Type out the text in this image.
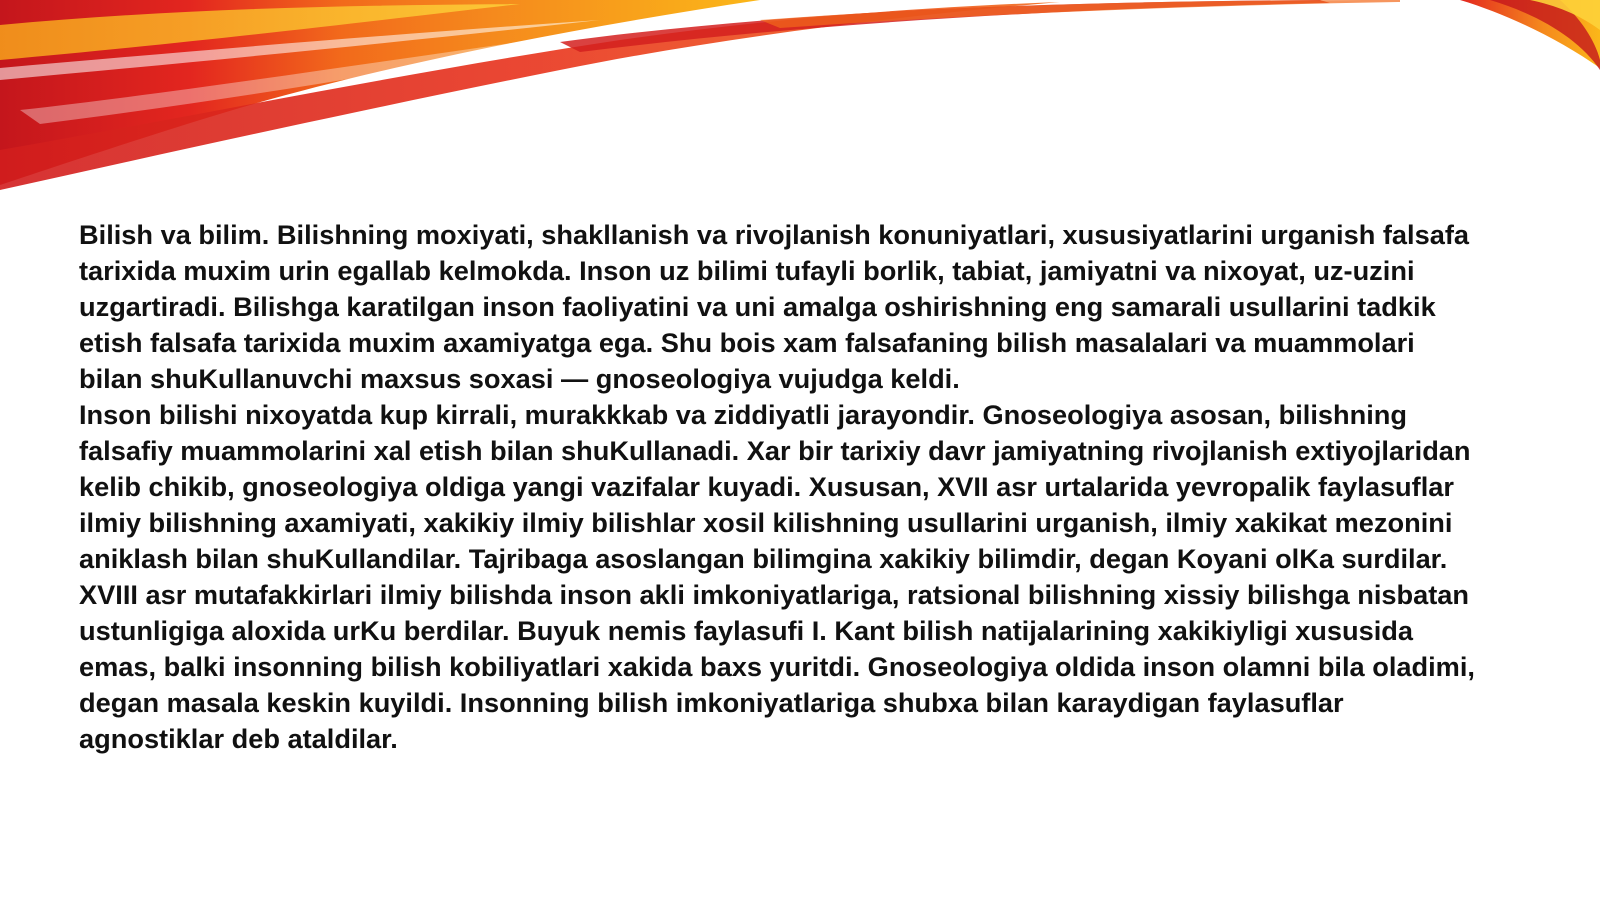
Bilish va bilim. Bilishning moxiyati, shakllanish va rivojlanish konuniyatlari, xususiyatlarini urganish falsafa tarixida muxim urin egallab kelmokda. Inson uz bilimi tufayli borlik, tabiat, jamiyatni va nixoyat, uz-uzini uzgartiradi. Bilishga karatilgan inson faoliyatini va uni amalga oshirishning eng samarali usullarini tadkik etish falsafa tarixida muxim axamiyatga ega. Shu bois xam falsafaning bilish masalalari va muammolari bilan shuKullanuvchi maxsus soxasi — gnoseologiya vujudga keldi.

Inson bilishi nixoyatda kup kirrali, murakkkab va ziddiyatli jarayondir. Gnoseologiya asosan, bilishning falsafiy muammolarini xal etish bilan shuKullanadi. Xar bir tarixiy davr jamiyatning rivojlanish extiyojlaridan kelib chikib, gnoseologiya oldiga yangi vazifalar kuyadi. Xususan, XVII asr urtalarida yevropalik faylasuflar ilmiy bilishning axamiyati, xakikiy ilmiy bilishlar xosil kilishning usullarini urganish, ilmiy xakikat mezonini aniklash bilan shuKullandilar. Tajribaga asoslangan bilimgina xakikiy bilimdir, degan Koyani olKa surdilar.

XVIII asr mutafakkirlari ilmiy bilishda inson akli imkoniyatlariga, ratsional bilishning xissiy bilishga nisbatan ustunligiga aloxida urKu berdilar. Buyuk nemis faylasufi I. Kant bilish natijalarining xakikiyligi xususida emas, balki insonning bilish kobiliyatlari xakida baxs yuritdi. Gnoseologiya oldida inson olamni bila oladimi, degan masala keskin kuyildi. Insonning bilish imkoniyatlariga shubxa bilan karaydigan faylasuflar agnostiklar deb ataldilar.
